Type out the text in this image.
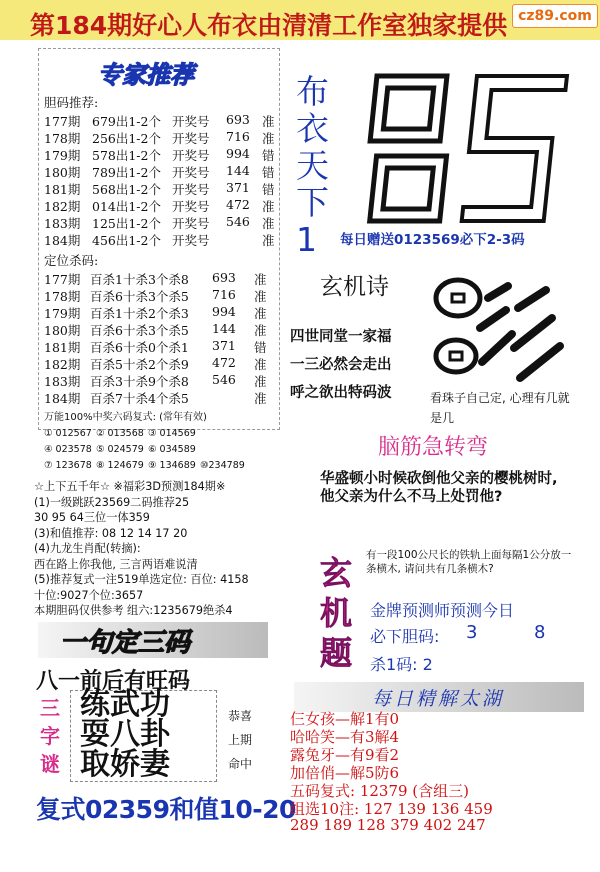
第184期好心人布衣由清清工作室独家提供 cz89.com
专家推荐
胆码推荐:
177期 679出1-2个 开奖号 693 准
178期 256出1-2个 开奖号 716 准
179期 578出1-2个 开奖号 994 错
180期 789出1-2个 开奖号 144 错
181期 568出1-2个 开奖号 371 错
182期 014出1-2个 开奖号 472 准
183期 125出1-2个 开奖号 546 准
184期 456出1-2个 开奖号	准
定位杀码:
177期 百杀1十杀3个杀8 693 准
178期 百杀6十杀3个杀5 716 准
179期 百杀1十杀2个杀3 994 准
180期 百杀6十杀3个杀5 144 准
181期 百杀6十杀0个杀1 371 错
182期 百杀5十杀2个杀9 472 准
183期 百杀3十杀9个杀8 546 准
184期 百杀7十杀4个杀5	准
万能100%中奖六码复式: (常年有效)
① 012567 ② 013568 ③ 014569
④ 023578 ⑤ 024579 ⑥ 034589
⑦ 123678 ⑧ 124679 ⑨ 134689 ⑩234789
☆上下五千年☆ ※福彩3D预测184期※
(1)一级跳跃23569二码推荐25
30 95 64三位一体359
(3)和值推荐: 08 12 14 17 20
(4)九龙生肖配(转摘):
西在路上你我他, 三言两语难说清
(5)推荐复式一注519单选定位: 百位: 4158
十位:9027个位:3657
本期胆码仅供参考 组六:1235679绝杀4
布
衣
天
下
1 每日赠送0123569必下2-3码
玄机诗
四世同堂一家福
一三必然会走出
呼之欲出特码波	看珠子自己定, 心理有几就是几
脑筋急转弯
华盛顿小时候砍倒他父亲的樱桃树时, 他父亲为什么不马上处罚他?
玄
机
题
有一段100公尺长的铁轨上面每隔1公分放一条横木, 请问共有几条横木?
金牌预测师预测今日
必下胆码: 3	8
杀1码: 2
一句定三码
八一前后有旺码
三
字
谜
练武功
耍八卦
取娇妻
恭喜
上期
命中
复式02359和值10-20
每日精解太湖
仨女孩—解1有0
哈哈笑—有3解4
露兔牙—有9看2
加倍俏—解5防6
五码复式: 12379 (含组三)
组选10注: 127 139 136 459
289 189 128 379 402 247
